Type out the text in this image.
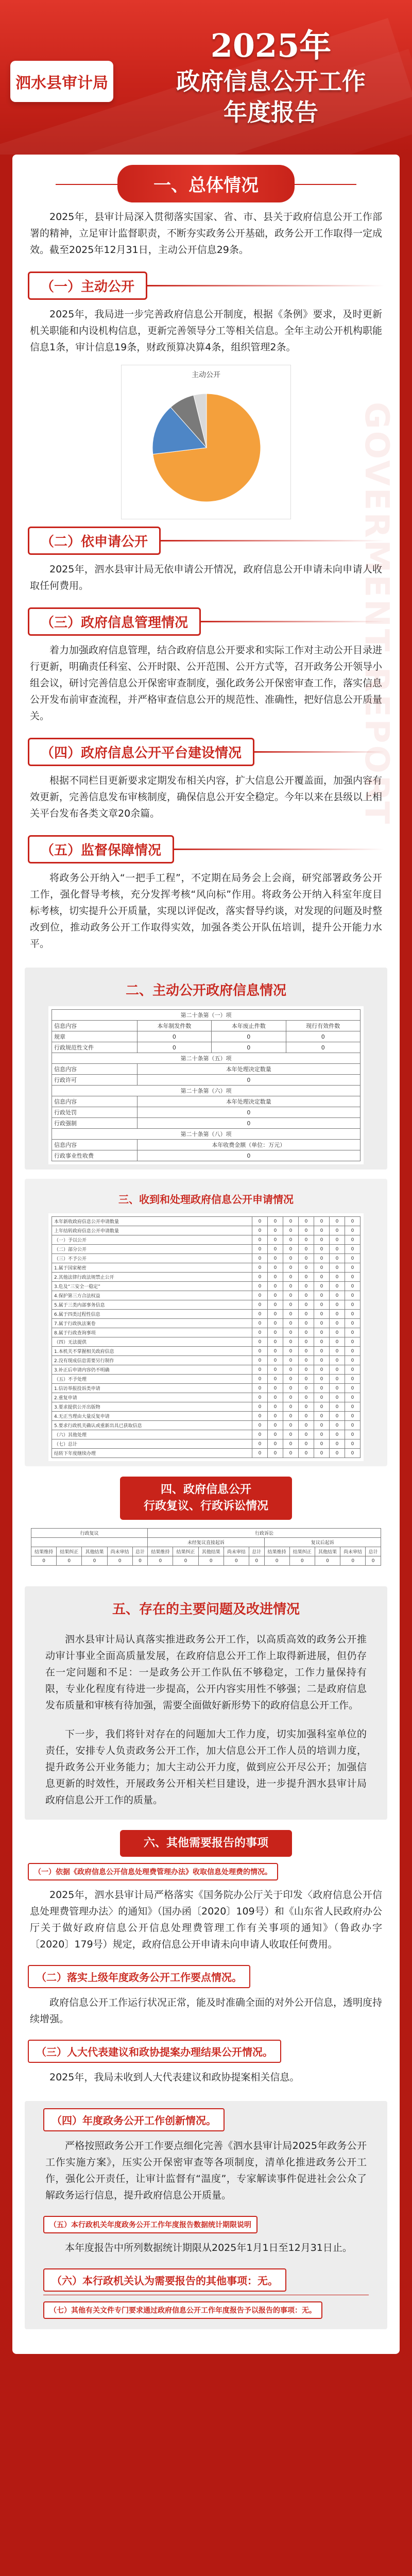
泗水县审计局
2025年
政府信息公开工作
年度报告
GOVERMENT REPORT
一、总体情况

2025年，县审计局深入贯彻落实国家、省、市、县关于政府信息公开工作部署的精神，立足审计监督职责，不断夯实政务公开基础，政务公开工作取得一定成效。截至2025年12月31日，主动公开信息29条。

（一）主动公开

2025年，我局进一步完善政府信息公开制度，根据《条例》要求，及时更新机关职能和内设机构信息，更新完善领导分工等相关信息。全年主动公开机构职能信息1条，审计信息19条，财政预算决算4条，组织管理2条。

主动公开
（二）依申请公开

2025年，泗水县审计局无依申请公开情况，政府信息公开申请未向申请人收取任何费用。

（三）政府信息管理情况

着力加强政府信息管理，结合政府信息公开要求和实际工作对主动公开目录进行更新，明确责任科室、公开时限、公开范围、公开方式等，召开政务公开领导小组会议，研讨完善信息公开保密审查制度，强化政务公开保密审查工作，落实信息公开发布前审查流程，并严格审查信息公开的规范性、准确性，把好信息公开质量关。

（四）政府信息公开平台建设情况

根据不同栏目更新要求定期发布相关内容，扩大信息公开覆盖面，加强内容有效更新，完善信息发布审核制度，确保信息公开安全稳定。今年以来在县级以上相关平台发布各类文章20余篇。

（五）监督保障情况

将政务公开纳入“一把手工程”，不定期在局务会上会商，研究部署政务公开工作，强化督导考核，充分发挥考核“风向标”作用。将政务公开纳入科室年度目标考核，切实提升公开质量，实现以评促改，落实督导约谈，对发现的问题及时整改到位，推动政务公开工作取得实效，加强各类公开队伍培训，提升公开能力水平。

二、主动公开政府信息情况
第二十条第（一）项			
信息内容	本年制发件数	本年废止件数	现行有效件数
规章	0	0	0
行政规范性文件	0	0	0
第二十条第（五）项			
信息内容	本年处理决定数量		
行政许可	0		
第二十条第（六）项			
信息内容	本年处理决定数量		
行政处罚	0		
行政强制	0		
第二十条第（八）项			
信息内容	本年收费金额（单位：万元）		
行政事业性收费	0		
三、收到和处理政府信息公开申请情况
本年新收政府信息公开申请数量	0	0	0	0	0	0	0
上年结转政府信息公开申请数量	0	0	0	0	0	0	0
（一）予以公开	0	0	0	0	0	0	0
（二）部分公开	0	0	0	0	0	0	0
（三）不予公开	0	0	0	0	0	0	0
1.属于国家秘密	0	0	0	0	0	0	0
2.其他法律行政法规禁止公开	0	0	0	0	0	0	0
3.危及“三安全一稳定”	0	0	0	0	0	0	0
4.保护第三方合法权益	0	0	0	0	0	0	0
5.属于三类内部事务信息	0	0	0	0	0	0	0
6.属于四类过程性信息	0	0	0	0	0	0	0
7.属于行政执法案卷	0	0	0	0	0	0	0
8.属于行政查询事项	0	0	0	0	0	0	0
（四）无法提供	0	0	0	0	0	0	0
1.本机关不掌握相关政府信息	0	0	0	0	0	0	0
2.没有现成信息需要另行制作	0	0	0	0	0	0	0
3.补正后申请内容仍不明确	0	0	0	0	0	0	0
（五）不予处理	0	0	0	0	0	0	0
1.信访举报投诉类申请	0	0	0	0	0	0	0
2.重复申请	0	0	0	0	0	0	0
3.要求提供公开出版物	0	0	0	0	0	0	0
4.无正当理由大量反复申请	0	0	0	0	0	0	0
5.要求行政机关确认或重新出具已获取信息	0	0	0	0	0	0	0
（六）其他处理	0	0	0	0	0	0	0
（七）总计	0	0	0	0	0	0	0
结转下年度继续办理	0	0	0	0	0	0	0
四、政府信息公开
行政复议、行政诉讼情况
行政复议					行政诉讼									
					未经复议直接起诉					复议后起诉				
结果维持	结果纠正	其他结果	尚未审结	总计	结果维持	结果纠正	其他结果	尚未审结	总计	结果维持	结果纠正	其他结果	尚未审结	总计
0	0	0	0	0	0	0	0	0	0	0	0	0	0	0
五、存在的主要问题及改进情况

泗水县审计局认真落实推进政务公开工作，以高质高效的政务公开推动审计事业全面高质量发展，在政府信息公开工作上取得新进展，但仍存在一定问题和不足：一是政务公开工作队伍不够稳定，工作力量保持有限，专业化程度有待进一步提高，公开内容实用性不够强；二是政府信息发布质量和审核有待加强，需要全面做好新形势下的政府信息公开工作。

下一步，我们将针对存在的问题加大工作力度，切实加强科室单位的责任，安排专人负责政务公开工作，加大信息公开工作人员的培训力度，提升政务公开业务能力；加大主动公开力度，做到应公开尽公开；加强信息更新的时效性，开展政务公开相关栏目建设，进一步提升泗水县审计局政府信息公开工作的质量。

六、其他需要报告的事项
（一）依据《政府信息公开信息处理费管理办法》收取信息处理费的情况。

2025年，泗水县审计局严格落实《国务院办公厅关于印发〈政府信息公开信息处理费管理办法〉的通知》（国办函〔2020〕109号）和《山东省人民政府办公厅关于做好政府信息公开信息处理费管理工作有关事项的通知》（鲁政办字〔2020〕179号）规定，政府信息公开申请未向申请人收取任何费用。

（二）落实上级年度政务公开工作要点情况。

政府信息公开工作运行状况正常，能及时准确全面的对外公开信息，透明度持续增强。

（三）人大代表建议和政协提案办理结果公开情况。

2025年，我局未收到人大代表建议和政协提案相关信息。

（四）年度政务公开工作创新情况。

严格按照政务公开工作要点细化完善《泗水县审计局2025年政务公开工作实施方案》，压实公开保密审查等各项制度，清单化推进政务公开工作，强化公开责任，让审计监督有“温度”，专家解读事件促进社会公众了解政务运行信息，提升政府信息公开质量。

（五）本行政机关年度政务公开工作年度报告数据统计期限说明

本年度报告中所列数据统计期限从2025年1月1日至12月31日止。

（六）本行政机关认为需要报告的其他事项：无。
（七）其他有关文件专门要求通过政府信息公开工作年度报告予以报告的事项：无。
